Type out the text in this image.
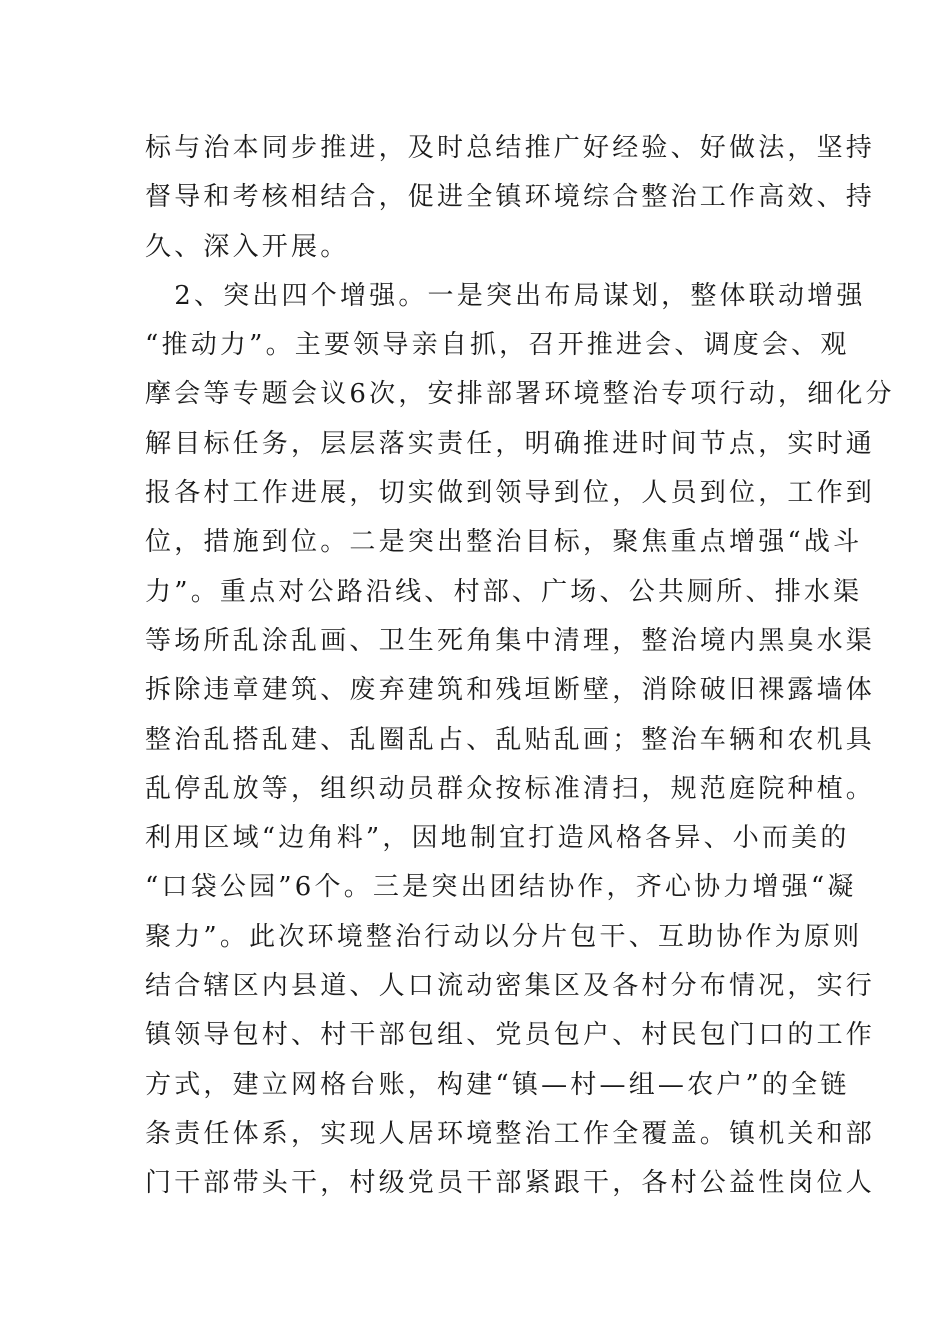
标与治本同步推进，及时总结推广好经验、好做法，坚持
督导和考核相结合，促进全镇环境综合整治工作高效、持
久、深入开展。
　2、突出四个增强。一是突出布局谋划，整体联动增强
“推动力”。主要领导亲自抓，召开推进会、调度会、观
摩会等专题会议6次，安排部署环境整治专项行动，细化分
解目标任务，层层落实责任，明确推进时间节点，实时通
报各村工作进展，切实做到领导到位，人员到位，工作到
位，措施到位。二是突出整治目标，聚焦重点增强“战斗
力”。重点对公路沿线、村部、广场、公共厕所、排水渠
等场所乱涂乱画、卫生死角集中清理，整治境内黑臭水渠
拆除违章建筑、废弃建筑和残垣断壁，消除破旧裸露墙体
整治乱搭乱建、乱圈乱占、乱贴乱画；整治车辆和农机具
乱停乱放等，组织动员群众按标准清扫，规范庭院种植。
利用区域“边角料”，因地制宜打造风格各异、小而美的
“口袋公园”6个。三是突出团结协作，齐心协力增强“凝
聚力”。此次环境整治行动以分片包干、互助协作为原则
结合辖区内县道、人口流动密集区及各村分布情况，实行
镇领导包村、村干部包组、党员包户、村民包门口的工作
方式，建立网格台账，构建“镇—村—组—农户”的全链
条责任体系，实现人居环境整治工作全覆盖。镇机关和部
门干部带头干，村级党员干部紧跟干，各村公益性岗位人
